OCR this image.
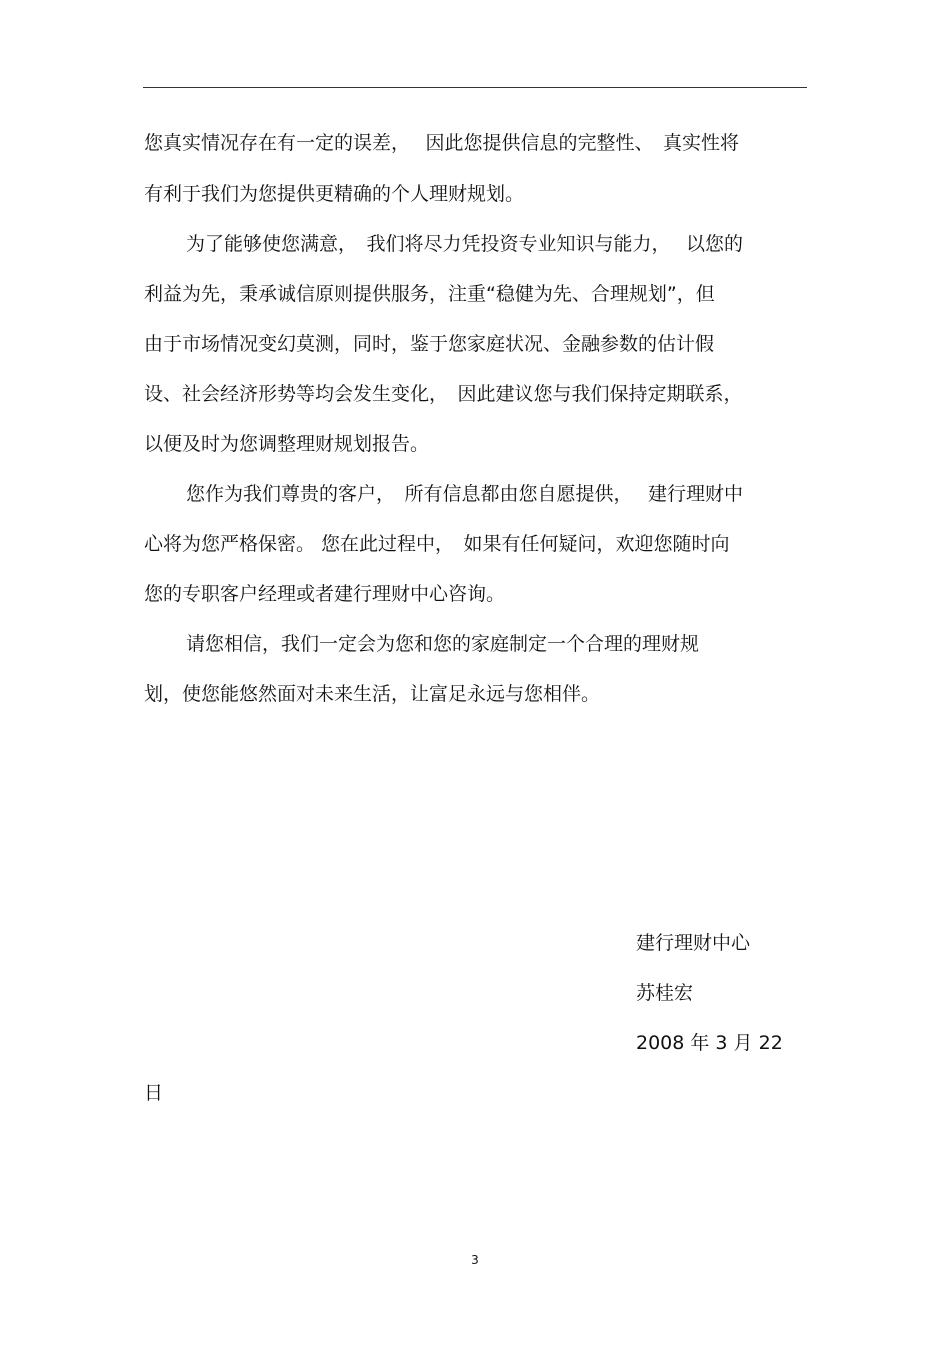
您真实情况存在有一定的误差，　 因此您提供信息的完整性、　真实性将
有利于我们为您提供更精确的个人理财规划。
为了能够使您满意，　我们将尽力凭投资专业知识与能力，　 以您的
利益为先，秉承诚信原则提供服务，注重“稳健为先、合理规划”，但
由于市场情况变幻莫测，同时，鉴于您家庭状况、金融参数的估计假
设、社会经济形势等均会发生变化，　因此建议您与我们保持定期联系，
以便及时为您调整理财规划报告。
您作为我们尊贵的客户，　所有信息都由您自愿提供，　 建行理财中
心将为您严格保密。 您在此过程中，　如果有任何疑问，欢迎您随时向
您的专职客户经理或者建行理财中心咨询。
请您相信，我们一定会为您和您的家庭制定一个合理的理财规
划，使您能悠然面对未来生活，让富足永远与您相伴。
建行理财中心
苏桂宏
2008 年 3 月 22
日
3
